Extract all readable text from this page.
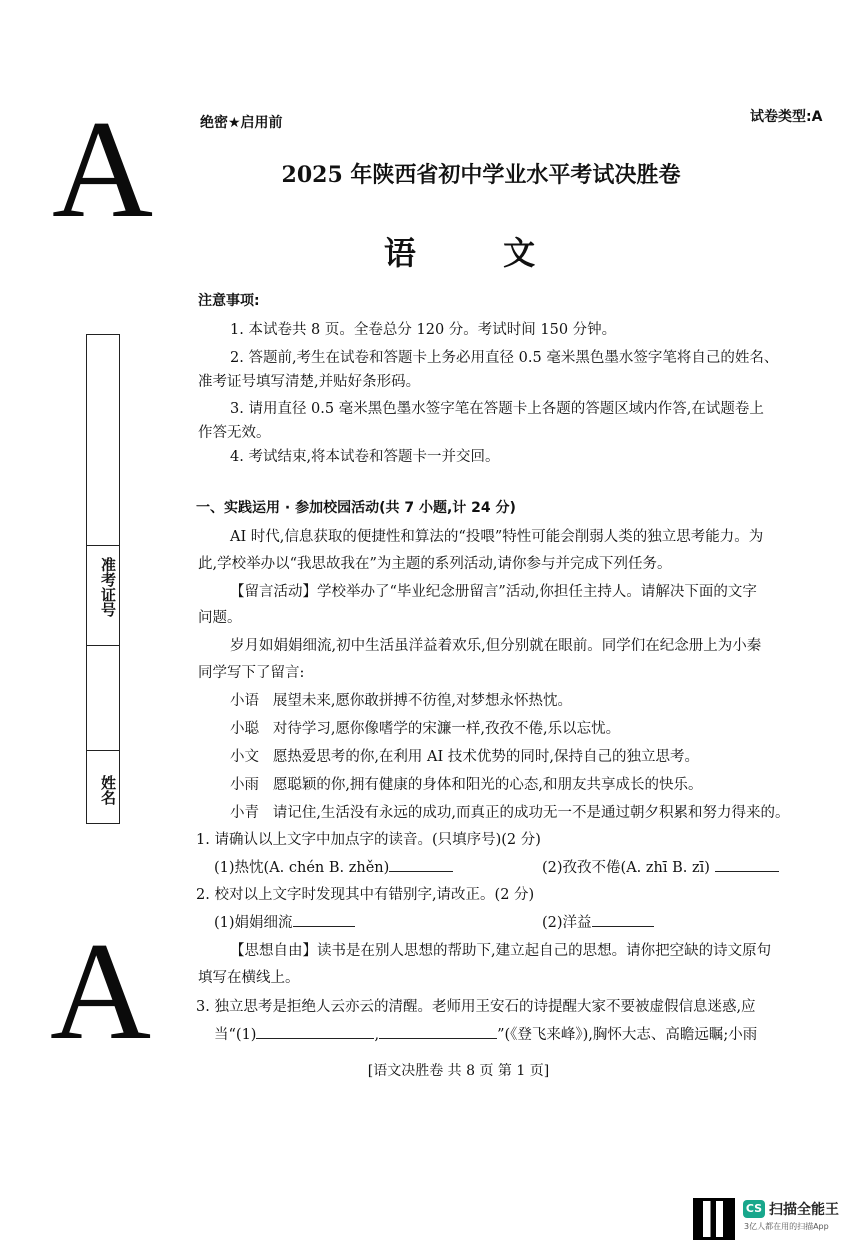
A
A
绝密★启用前	试卷类型:A
2025 年陕西省初中学业水平考试决胜卷
语 文
准考证号
姓名
注意事项:
1. 本试卷共 8 页。全卷总分 120 分。考试时间 150 分钟。
2. 答题前,考生在试卷和答题卡上务必用直径 0.5 毫米黑色墨水签字笔将自己的姓名、
准考证号填写清楚,并贴好条形码。
3. 请用直径 0.5 毫米黑色墨水签字笔在答题卡上各题的答题区域内作答,在试题卷上
作答无效。
4. 考试结束,将本试卷和答题卡一并交回。
一、实践运用 · 参加校园活动(共 7 小题,计 24 分)
AI 时代,信息获取的便捷性和算法的“投喂”特性可能会削弱人类的独立思考能力。为
此,学校举办以“我思故我在”为主题的系列活动,请你参与并完成下列任务。
【留言活动】学校举办了“毕业纪念册留言”活动,你担任主持人。请解决下面的文字
问题。
岁月如娟娟细流,初中生活虽洋益着欢乐,但分别就在眼前。同学们在纪念册上为小秦
同学写下了留言:
小语 展望未来,愿你敢拼搏不彷徨,对梦想永怀热忱。
小聪 对待学习,愿你像嗜学的宋濂一样,孜孜不倦,乐以忘忧。
小文 愿热爱思考的你,在利用 AI 技术优势的同时,保持自己的独立思考。
小雨 愿聪颖的你,拥有健康的身体和阳光的心态,和朋友共享成长的快乐。
小青 请记住,生活没有永远的成功,而真正的成功无一不是通过朝夕积累和努力得来的。
1. 请确认以上文字中加点字的读音。(只填序号)(2 分)
(1)热忱(A. chén B. zhěn)	(2)孜孜不倦(A. zhī B. zī)
2. 校对以上文字时发现其中有错别字,请改正。(2 分)
(1)娟娟细流	(2)洋益
【思想自由】读书是在别人思想的帮助下,建立起自己的思想。请你把空缺的诗文原句
填写在横线上。
3. 独立思考是拒绝人云亦云的清醒。老师用王安石的诗提醒大家不要被虚假信息迷惑,应
当“(1)	,	”(《登飞来峰》),胸怀大志、高瞻远瞩;小雨
[语文决胜卷 共 8 页 第 1 页]
CS 扫描全能王
3亿人都在用的扫描App
